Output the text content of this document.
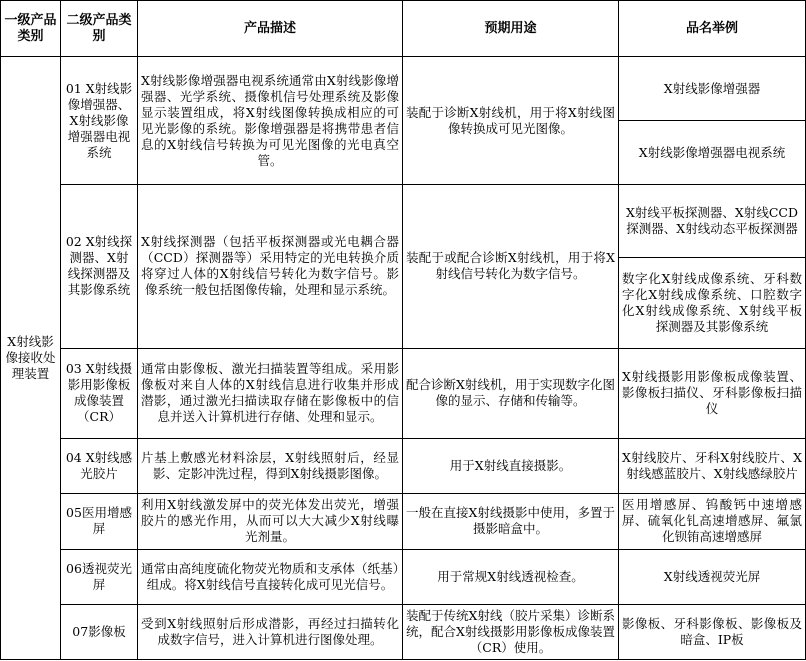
一级产品类别	二级产品类别	产品描述	预期用途	品名举例
X射线影像接收处理装置	01 X射线影像增强器、X射线影像增强器电视系统	X射线影像增强器电视系统通常由X射线影像增强器、光学系统、摄像机信号处理系统及影像显示装置组成，将X射线图像转换成相应的可见光影像的系统。影像增强器是将携带患者信息的X射线信号转换为可见光图像的光电真空管。	装配于诊断X射线机，用于将X射线图像转换成可见光图像。	X射线影像增强器
				X射线影像增强器电视系统
	02 X射线探测器、X射线探测器及其影像系统	X射线探测器（包括平板探测器或光电耦合器（CCD）探测器等）采用特定的光电转换介质将穿过人体的X射线信号转化为数字信号。影像系统一般包括图像传输，处理和显示系统。	装配于或配合诊断X射线机，用于将X射线信号转化为数字信号。	X射线平板探测器、X射线CCD探测器、X射线动态平板探测器
				数字化X射线成像系统、牙科数字化X射线成像系统、口腔数字化X射线成像系统、X射线平板探测器及其影像系统
	03 X射线摄影用影像板成像装置（CR）	通常由影像板、激光扫描装置等组成。采用影像板对来自人体的X射线信息进行收集并形成潜影，通过激光扫描读取存储在影像板中的信息并送入计算机进行存储、处理和显示。	配合诊断X射线机，用于实现数字化图像的显示、存储和传输等。	X射线摄影用影像板成像装置、影像板扫描仪、牙科影像板扫描仪
	04 X射线感光胶片	片基上敷感光材料涂层，X射线照射后，经显影、定影冲洗过程，得到X射线摄影图像。	用于X射线直接摄影。	X射线胶片、牙科X射线胶片、X射线感蓝胶片、X射线感绿胶片
	05医用增感屏	利用X射线激发屏中的荧光体发出荧光，增强胶片的感光作用，从而可以大大减少X射线曝光剂量。	一般在直接X射线摄影中使用，多置于摄影暗盒中。	医用增感屏、钨酸钙中速增感屏、硫氧化钆高速增感屏、氟氯化钡铕高速增感屏
	06透视荧光屏	通常由高纯度硫化物荧光物质和支承体（纸基）组成。将X射线信号直接转化成可见光信号。	用于常规X射线透视检查。	X射线透视荧光屏
	07影像板	受到X射线照射后形成潜影，再经过扫描转化成数字信号，进入计算机进行图像处理。	装配于传统X射线（胶片采集）诊断系统，配合X射线摄影用影像板成像装置（CR）使用。	影像板、牙科影像板、影像板及暗盒、IP板
